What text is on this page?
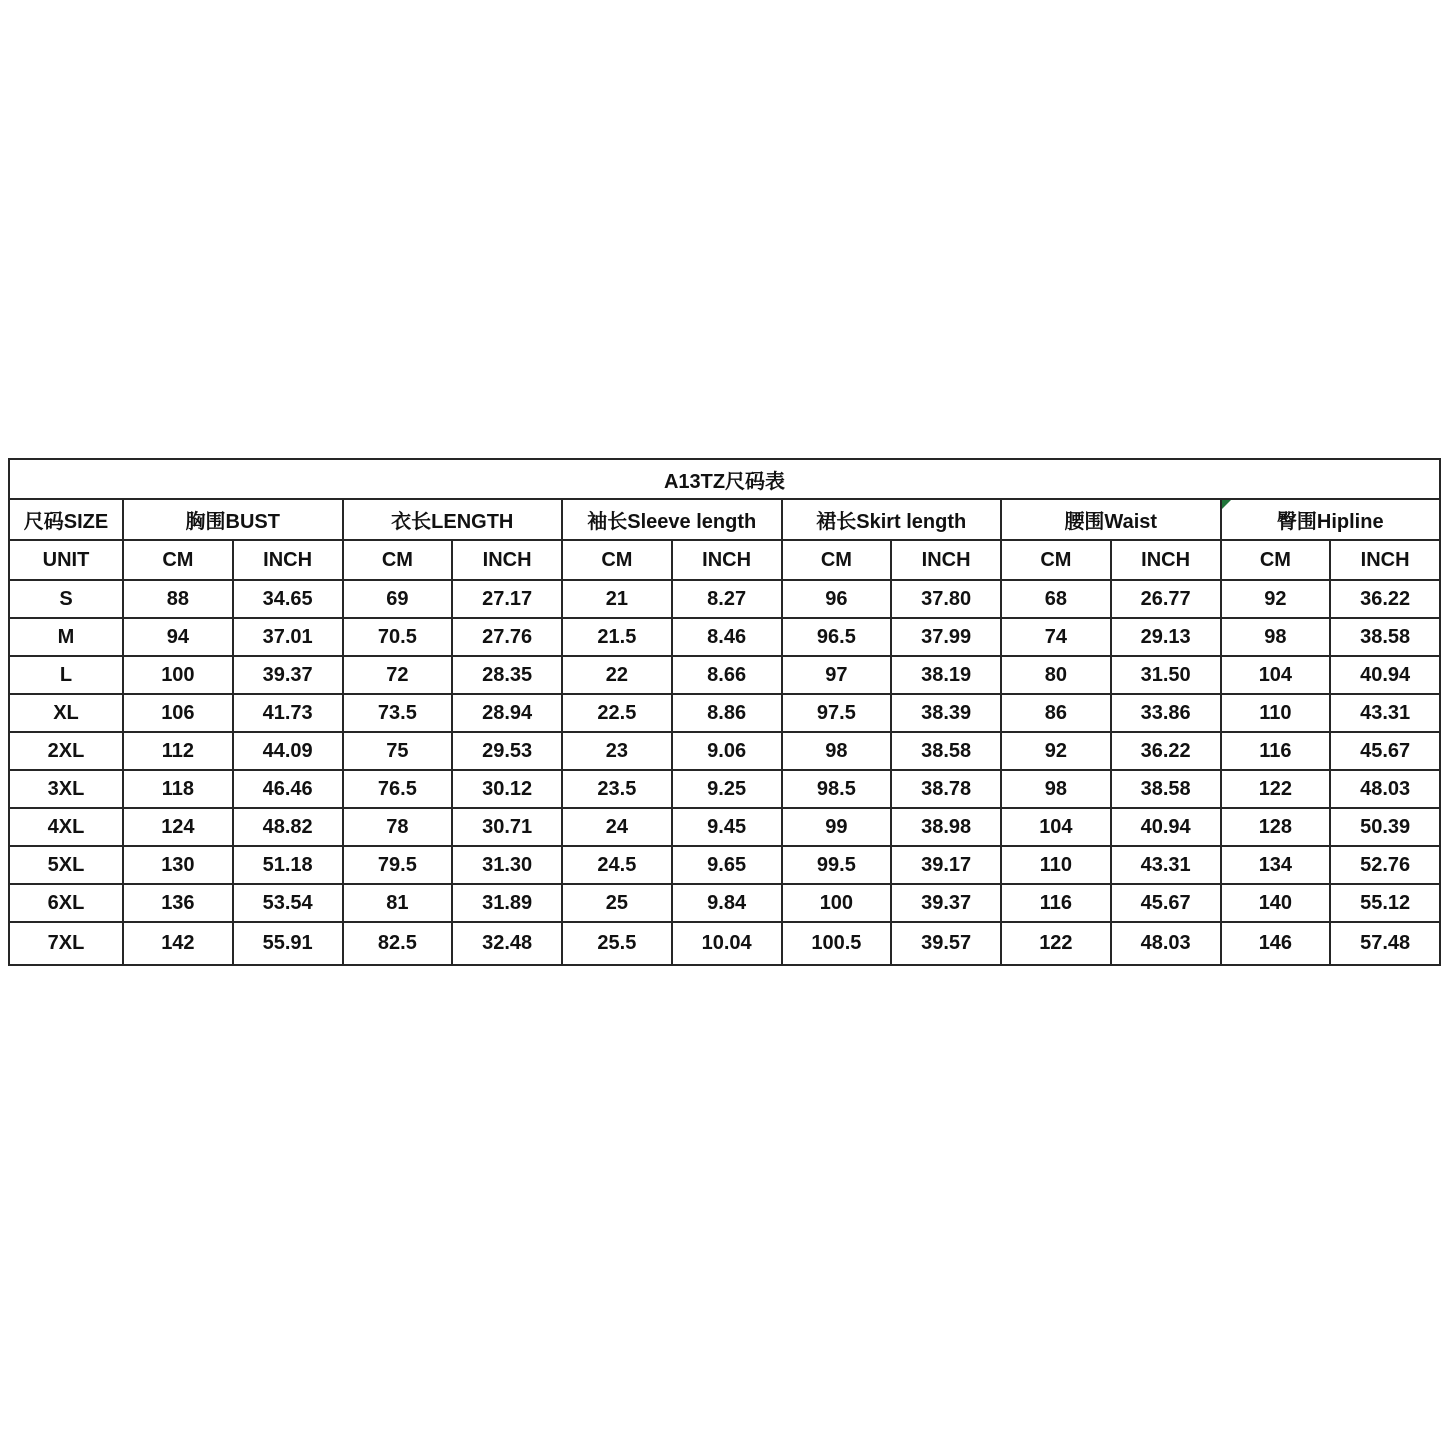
A13TZ尺码表												
尺码SIZE	胸围BUST		衣长LENGTH		袖长Sleeve length		裙长Skirt length		腰围Waist		臀围Hipline	
UNIT	CM	INCH	CM	INCH	CM	INCH	CM	INCH	CM	INCH	CM	INCH
S	88	34.65	69	27.17	21	8.27	96	37.80	68	26.77	92	36.22
M	94	37.01	70.5	27.76	21.5	8.46	96.5	37.99	74	29.13	98	38.58
L	100	39.37	72	28.35	22	8.66	97	38.19	80	31.50	104	40.94
XL	106	41.73	73.5	28.94	22.5	8.86	97.5	38.39	86	33.86	110	43.31
2XL	112	44.09	75	29.53	23	9.06	98	38.58	92	36.22	116	45.67
3XL	118	46.46	76.5	30.12	23.5	9.25	98.5	38.78	98	38.58	122	48.03
4XL	124	48.82	78	30.71	24	9.45	99	38.98	104	40.94	128	50.39
5XL	130	51.18	79.5	31.30	24.5	9.65	99.5	39.17	110	43.31	134	52.76
6XL	136	53.54	81	31.89	25	9.84	100	39.37	116	45.67	140	55.12
7XL	142	55.91	82.5	32.48	25.5	10.04	100.5	39.57	122	48.03	146	57.48
